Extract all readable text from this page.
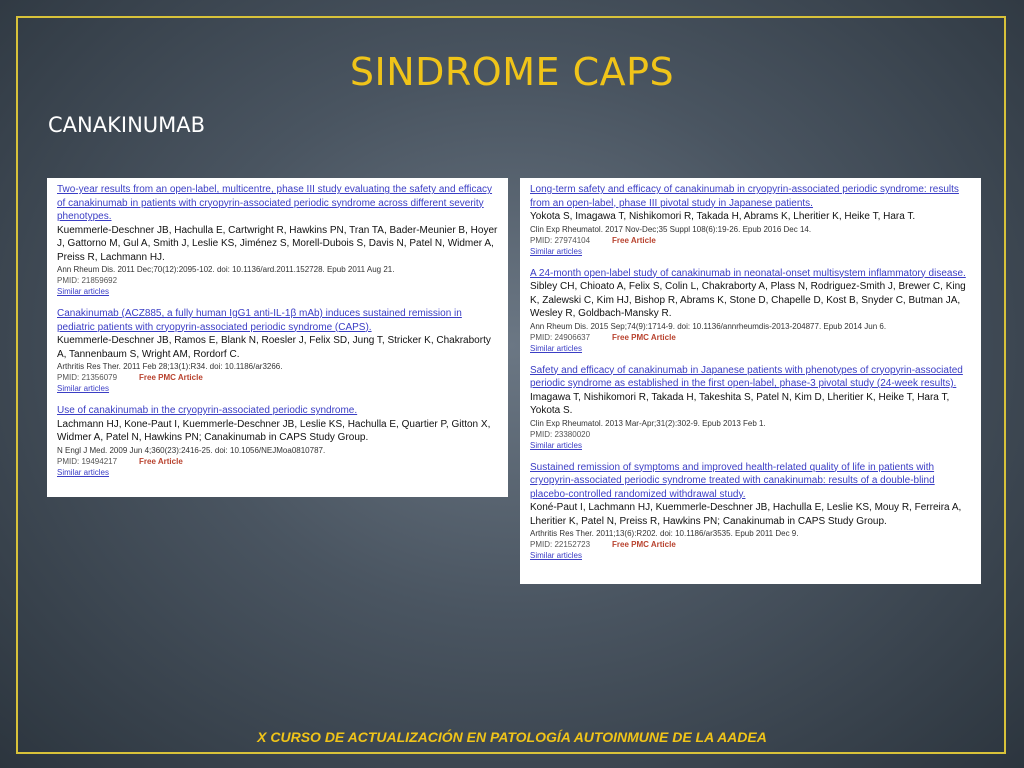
SINDROME CAPS
CANAKINUMAB
Two-year results from an open-label, multicentre, phase III study evaluating the safety and efficacy of canakinumab in patients with cryopyrin-associated periodic syndrome across different severity phenotypes.
Kuemmerle-Deschner JB, Hachulla E, Cartwright R, Hawkins PN, Tran TA, Bader-Meunier B, Hoyer J, Gattorno M, Gul A, Smith J, Leslie KS, Jiménez S, Morell-Dubois S, Davis N, Patel N, Widmer A, Preiss R, Lachmann HJ.
Ann Rheum Dis. 2011 Dec;70(12):2095-102. doi: 10.1136/ard.2011.152728. Epub 2011 Aug 21.
PMID: 21859692
Similar articles
Canakinumab (ACZ885, a fully human IgG1 anti-IL-1β mAb) induces sustained remission in pediatric patients with cryopyrin-associated periodic syndrome (CAPS).
Kuemmerle-Deschner JB, Ramos E, Blank N, Roesler J, Felix SD, Jung T, Stricker K, Chakraborty A, Tannenbaum S, Wright AM, Rordorf C.
Arthritis Res Ther. 2011 Feb 28;13(1):R34. doi: 10.1186/ar3266.
PMID: 21356079	Free PMC Article
Similar articles
Use of canakinumab in the cryopyrin-associated periodic syndrome.
Lachmann HJ, Kone-Paut I, Kuemmerle-Deschner JB, Leslie KS, Hachulla E, Quartier P, Gitton X, Widmer A, Patel N, Hawkins PN; Canakinumab in CAPS Study Group.
N Engl J Med. 2009 Jun 4;360(23):2416-25. doi: 10.1056/NEJMoa0810787.
PMID: 19494217	Free Article
Similar articles
Long-term safety and efficacy of canakinumab in cryopyrin-associated periodic syndrome: results from an open-label, phase III pivotal study in Japanese patients.
Yokota S, Imagawa T, Nishikomori R, Takada H, Abrams K, Lheritier K, Heike T, Hara T.
Clin Exp Rheumatol. 2017 Nov-Dec;35 Suppl 108(6):19-26. Epub 2016 Dec 14.
PMID: 27974104	Free Article
Similar articles
A 24-month open-label study of canakinumab in neonatal-onset multisystem inflammatory disease.
Sibley CH, Chioato A, Felix S, Colin L, Chakraborty A, Plass N, Rodriguez-Smith J, Brewer C, King K, Zalewski C, Kim HJ, Bishop R, Abrams K, Stone D, Chapelle D, Kost B, Snyder C, Butman JA, Wesley R, Goldbach-Mansky R.
Ann Rheum Dis. 2015 Sep;74(9):1714-9. doi: 10.1136/annrheumdis-2013-204877. Epub 2014 Jun 6.
PMID: 24906637	Free PMC Article
Similar articles
Safety and efficacy of canakinumab in Japanese patients with phenotypes of cryopyrin-associated periodic syndrome as established in the first open-label, phase-3 pivotal study (24-week results).
Imagawa T, Nishikomori R, Takada H, Takeshita S, Patel N, Kim D, Lheritier K, Heike T, Hara T, Yokota S.
Clin Exp Rheumatol. 2013 Mar-Apr;31(2):302-9. Epub 2013 Feb 1.
PMID: 23380020
Similar articles
Sustained remission of symptoms and improved health-related quality of life in patients with cryopyrin-associated periodic syndrome treated with canakinumab: results of a double-blind placebo-controlled randomized withdrawal study.
Koné-Paut I, Lachmann HJ, Kuemmerle-Deschner JB, Hachulla E, Leslie KS, Mouy R, Ferreira A, Lheritier K, Patel N, Preiss R, Hawkins PN; Canakinumab in CAPS Study Group.
Arthritis Res Ther. 2011;13(6):R202. doi: 10.1186/ar3535. Epub 2011 Dec 9.
PMID: 22152723	Free PMC Article
Similar articles
X CURSO DE ACTUALIZACIÓN EN PATOLOGÍA AUTOINMUNE DE LA AADEA
